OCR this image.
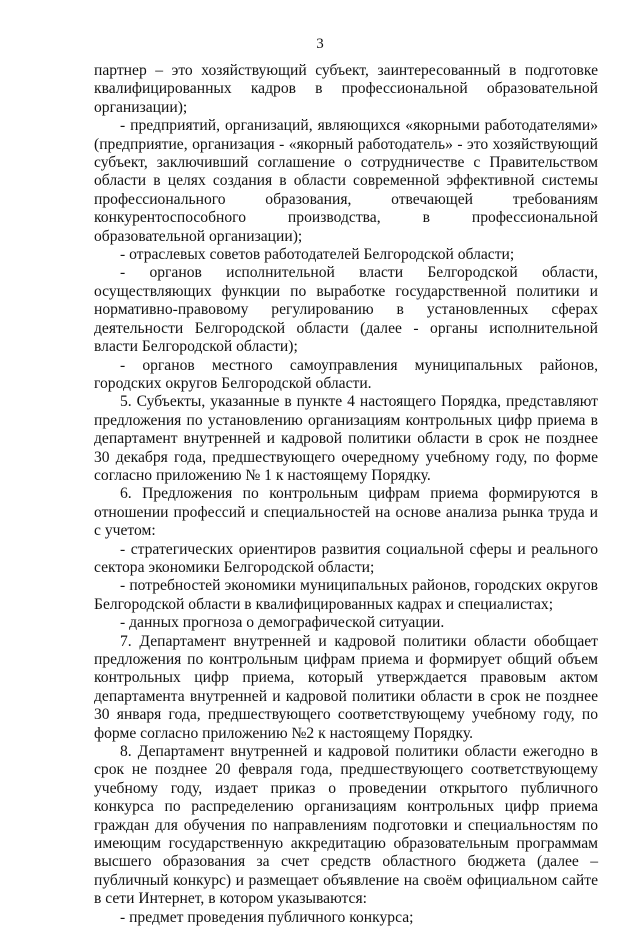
3

партнер – это хозяйствующий субъект, заинтересованный в подготовке квалифицированных кадров в профессиональной образовательной организации);

- предприятий, организаций, являющихся «якорными работодателями» (предприятие, организация - «якорный работодатель» - это хозяйствующий субъект, заключивший соглашение о сотрудничестве с Правительством области в целях создания в области современной эффективной системы профессионального образования, отвечающей требованиям конкурентоспособного производства, в профессиональной образовательной организации);

- отраслевых советов работодателей Белгородской области;

- органов исполнительной власти Белгородской области, осуществляющих функции по выработке государственной политики и нормативно-правовому регулированию в установленных сферах деятельности Белгородской области (далее - органы исполнительной власти Белгородской области);

- органов местного самоуправления муниципальных районов, городских округов Белгородской области.

5. Субъекты, указанные в пункте 4 настоящего Порядка, представляют предложения по установлению организациям контрольных цифр приема в департамент внутренней и кадровой политики области в срок не позднее 30 декабря года, предшествующего очередному учебному году, по форме согласно приложению № 1 к настоящему Порядку.

6. Предложения по контрольным цифрам приема формируются в отношении профессий и специальностей на основе анализа рынка труда и с учетом:

- стратегических ориентиров развития социальной сферы и реального сектора экономики Белгородской области;

- потребностей экономики муниципальных районов, городских округов Белгородской области в квалифицированных кадрах и специалистах;

- данных прогноза о демографической ситуации.

7. Департамент внутренней и кадровой политики области обобщает предложения по контрольным цифрам приема и формирует общий объем контрольных цифр приема, который утверждается правовым актом департамента внутренней и кадровой политики области в срок не позднее 30 января года, предшествующего соответствующему учебному году, по форме согласно приложению №2 к настоящему Порядку.

8. Департамент внутренней и кадровой политики области ежегодно в срок не позднее 20 февраля года, предшествующего соответствующему учебному году, издает приказ о проведении открытого публичного конкурса по распределению организациям контрольных цифр приема граждан для обучения по направлениям подготовки и специальностям по имеющим государственную аккредитацию образовательным программам высшего образования за счет средств областного бюджета (далее – публичный конкурс) и размещает объявление на своём официальном сайте в сети Интернет, в котором указываются:

- предмет проведения публичного конкурса;
